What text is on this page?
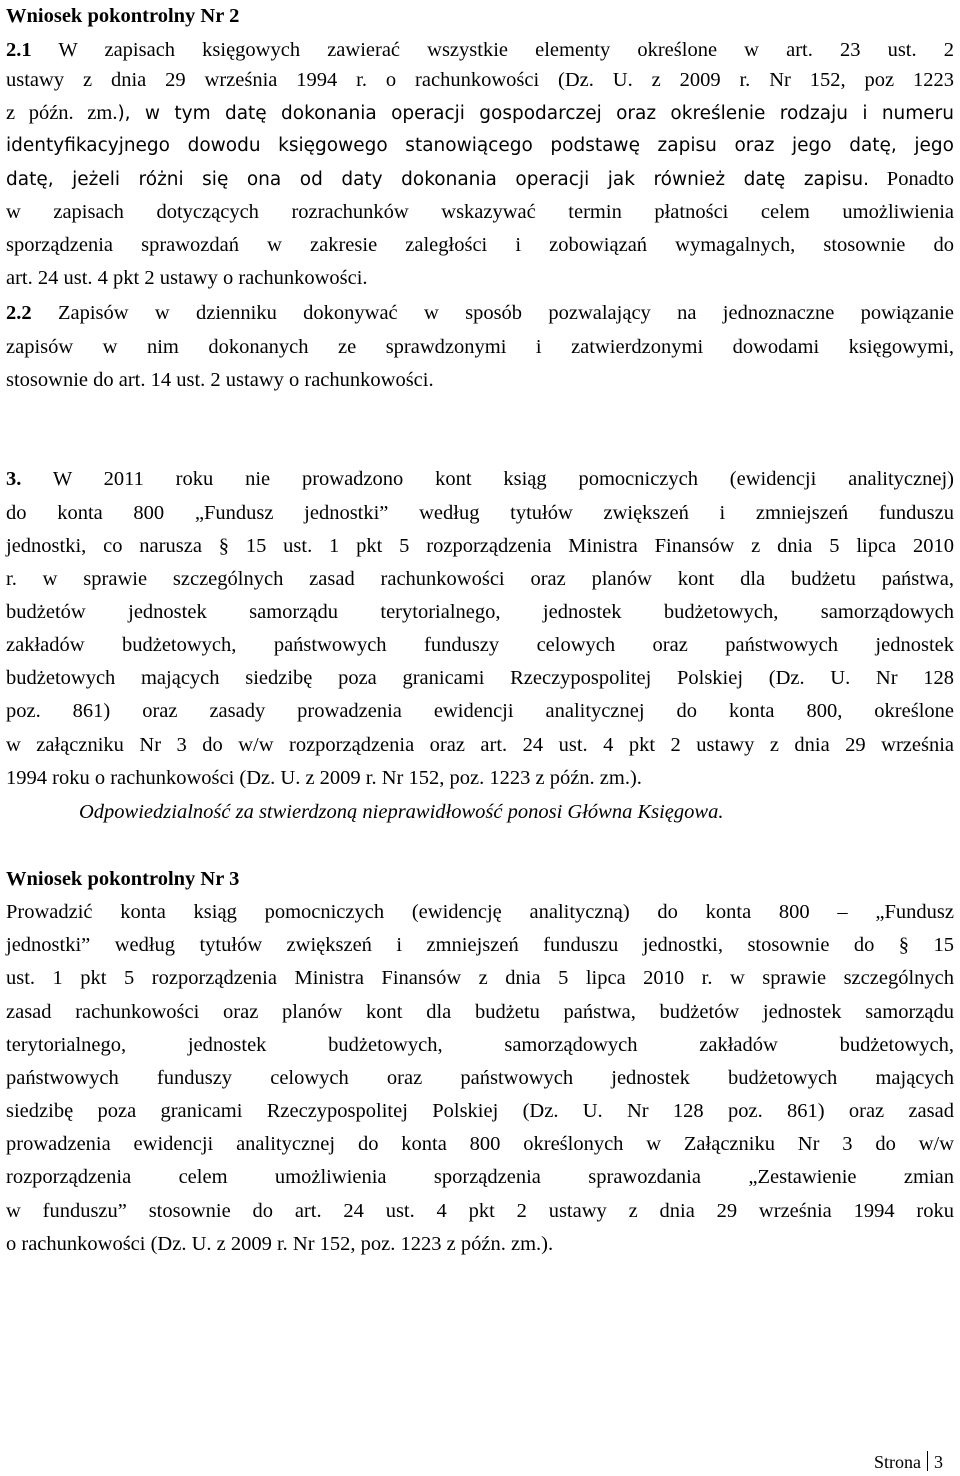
Wniosek pokontrolny Nr 2
2.1 W zapisach księgowych zawierać wszystkie elementy określone w art. 23 ust. 2
ustawy z dnia 29 września 1994 r. o rachunkowości (Dz. U. z 2009 r. Nr 152, poz 1223
z późn. zm.), w tym datę dokonania operacji gospodarczej oraz określenie rodzaju i numeru
identyfikacyjnego dowodu księgowego stanowiącego podstawę zapisu oraz jego datę, jego
datę, jeżeli różni się ona od daty dokonania operacji jak również datę zapisu. Ponadto
w zapisach dotyczących rozrachunków wskazywać termin płatności celem umożliwienia
sporządzenia sprawozdań w zakresie zaległości i zobowiązań wymagalnych, stosownie do
art. 24 ust. 4 pkt 2 ustawy o rachunkowości.
2.2 Zapisów w dzienniku dokonywać w sposób pozwalający na jednoznaczne powiązanie
zapisów w nim dokonanych ze sprawdzonymi i zatwierdzonymi dowodami księgowymi,
stosownie do art. 14 ust. 2 ustawy o rachunkowości.
3. W 2011 roku nie prowadzono kont ksiąg pomocniczych (ewidencji analitycznej)
do konta 800 „Fundusz jednostki” według tytułów zwiększeń i zmniejszeń funduszu
jednostki, co narusza § 15 ust. 1 pkt 5 rozporządzenia Ministra Finansów z dnia 5 lipca 2010
r. w sprawie szczególnych zasad rachunkowości oraz planów kont dla budżetu państwa,
budżetów jednostek samorządu terytorialnego, jednostek budżetowych, samorządowych
zakładów budżetowych, państwowych funduszy celowych oraz państwowych jednostek
budżetowych mających siedzibę poza granicami Rzeczypospolitej Polskiej (Dz. U. Nr 128
poz. 861) oraz zasady prowadzenia ewidencji analitycznej do konta 800, określone
w załączniku Nr 3 do w/w rozporządzenia oraz art. 24 ust. 4 pkt 2 ustawy z dnia 29 września
1994 roku o rachunkowości (Dz. U. z 2009 r. Nr 152, poz. 1223 z późn. zm.).
Odpowiedzialność za stwierdzoną nieprawidłowość ponosi Główna Księgowa.
Wniosek pokontrolny Nr 3
Prowadzić konta ksiąg pomocniczych (ewidencję analityczną) do konta 800 – „Fundusz
jednostki” według tytułów zwiększeń i zmniejszeń funduszu jednostki, stosownie do § 15
ust. 1 pkt 5 rozporządzenia Ministra Finansów z dnia 5 lipca 2010 r. w sprawie szczególnych
zasad rachunkowości oraz planów kont dla budżetu państwa, budżetów jednostek samorządu
terytorialnego, jednostek budżetowych, samorządowych zakładów budżetowych,
państwowych funduszy celowych oraz państwowych jednostek budżetowych mających
siedzibę poza granicami Rzeczypospolitej Polskiej (Dz. U. Nr 128 poz. 861) oraz zasad
prowadzenia ewidencji analitycznej do konta 800 określonych w Załączniku Nr 3 do w/w
rozporządzenia celem umożliwienia sporządzenia sprawozdania „Zestawienie zmian
w funduszu” stosownie do art. 24 ust. 4 pkt 2 ustawy z dnia 29 września 1994 roku
o rachunkowości (Dz. U. z 2009 r. Nr 152, poz. 1223 z późn. zm.).
Strona 3
